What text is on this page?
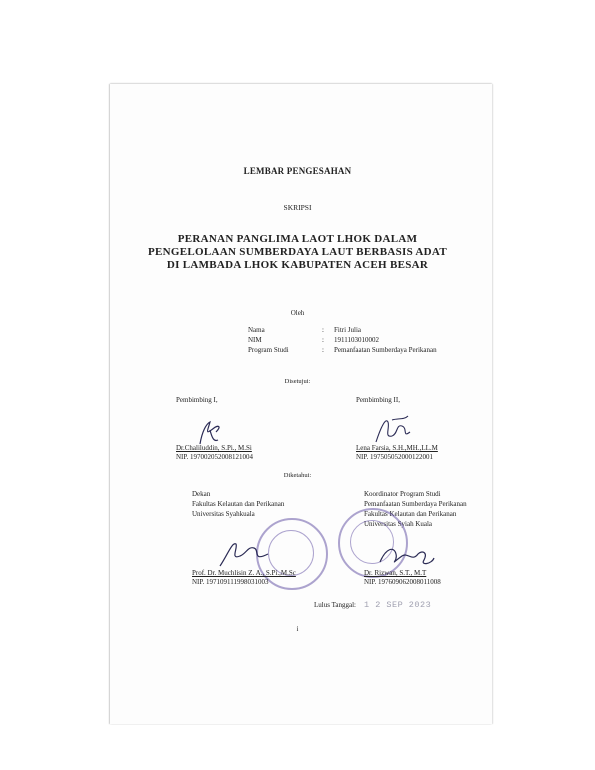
LEMBAR PENGESAHAN
SKRIPSI
PERANAN PANGLIMA LAOT LHOK DALAM
PENGELOLAAN SUMBERDAYA LAUT BERBASIS ADAT
DI LAMBADA LHOK KABUPATEN ACEH BESAR
Oleh
Nama	: Fitri Julia
NIM	: 1911103010002
Program Studi	: Pemanfaatan Sumberdaya Perikanan
Disetujui:
Pembimbing I,	Pembimbing II,
Dr.Chaliluddin, S.Pi., M.Si
NIP. 197002052008121004
Lena Farsia, S.H.,MH.,LL.M
NIP. 197505052000122001
Diketahui:
Dekan
Fakultas Kelautan dan Perikanan
Universitas Syahkuala
Koordinator Program Studi
Pemanfaatan Sumberdaya Perikanan
Fakultas Kelautan dan Perikanan
Universitas Syiah Kuala
Prof. Dr. Muchlisin Z. A., S.Pi.,M.Sc
NIP. 197109111998031003
Dr. Rizwan, S.T., M.T
NIP. 197609062008011008
Lulus Tanggal: 1 2 SEP 2023
i
